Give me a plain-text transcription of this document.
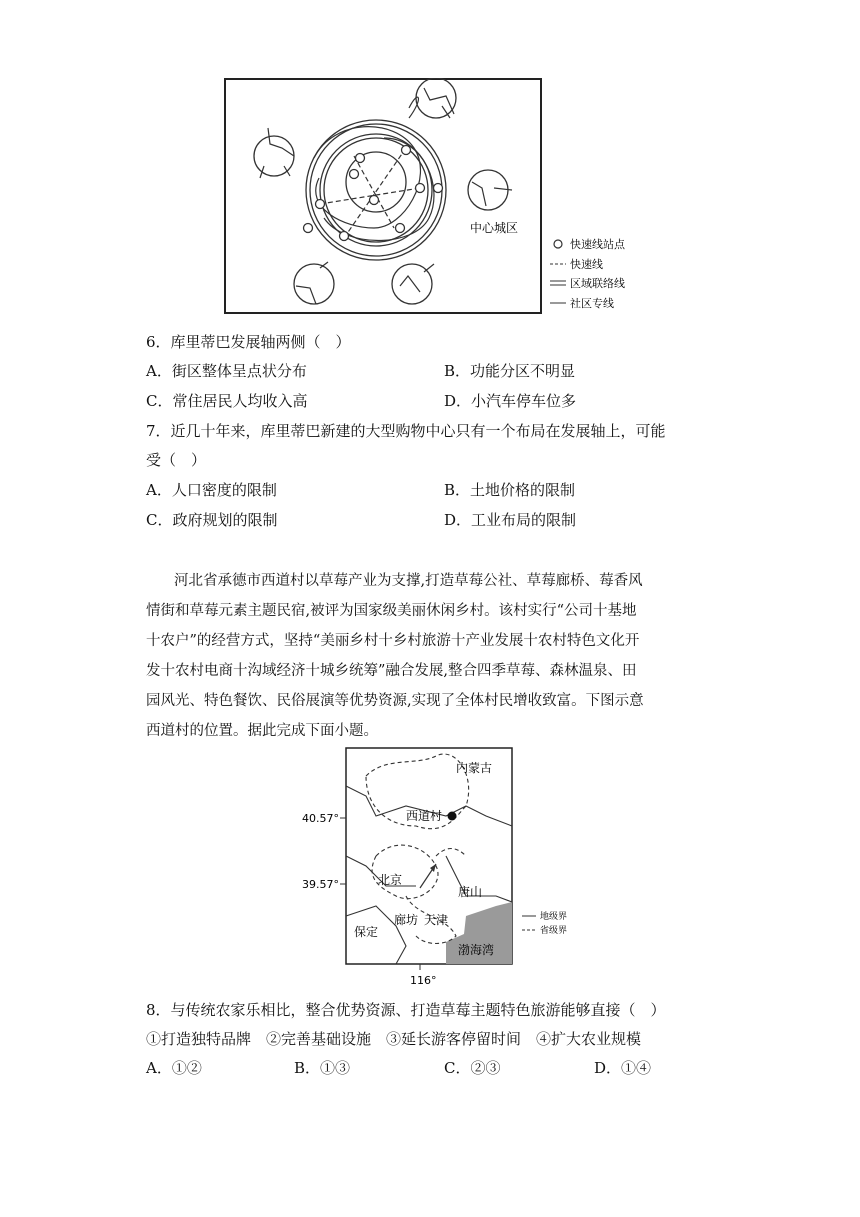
中心城区
快速线站点
快速线
区域联络线
社区专线
6．库里蒂巴发展轴两侧（　）
A．街区整体呈点状分布	B．功能分区不明显
C．常住居民人均收入高	D．小汽车停车位多
7．近几十年来，库里蒂巴新建的大型购物中心只有一个布局在发展轴上，可能
受（　）
A．人口密度的限制	B．土地价格的限制
C．政府规划的限制	D．工业布局的限制
河北省承德市西道村以草莓产业为支撑,打造草莓公社、草莓廊桥、莓香风
情街和草莓元素主题民宿,被评为国家级美丽休闲乡村。该村实行“公司十基地
十农户”的经营方式，坚持“美丽乡村十乡村旅游十产业发展十农村特色文化开
发十农村电商十沟域经济十城乡统筹”融合发展,整合四季草莓、森林温泉、田
园风光、特色餐饮、民俗展演等优势资源,实现了全体村民增收致富。下图示意
西道村的位置。据此完成下面小题。
40.57°
39.57°
116°
内蒙古
西道村
北京
唐山
廊坊 天津
保定
渤海湾
地级界
省级界
8．与传统农家乐相比，整合优势资源、打造草莓主题特色旅游能够直接（　）
①打造独特品牌　②完善基础设施　③延长游客停留时间　④扩大农业规模
A．①②	B．①③	C．②③	D．①④
